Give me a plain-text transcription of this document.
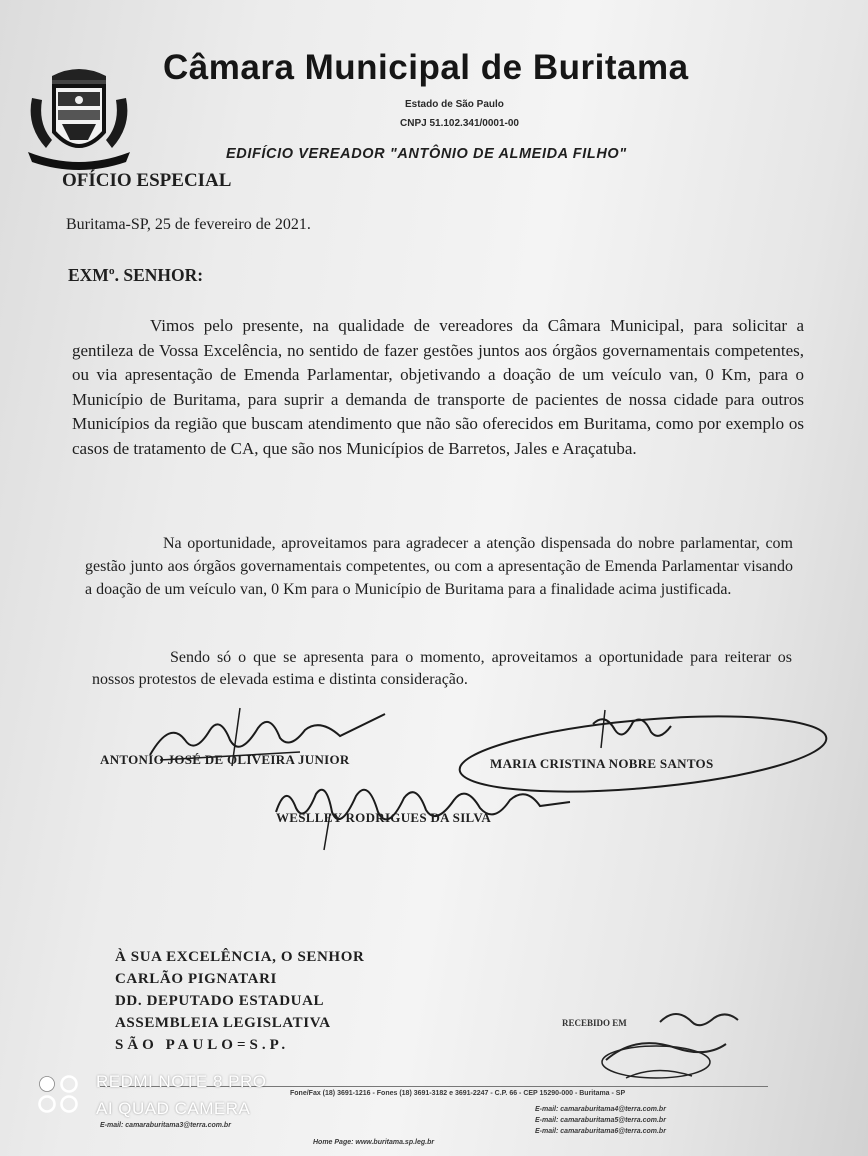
Câmara Municipal de Buritama
Estado de São Paulo
CNPJ 51.102.341/0001-00
EDIFÍCIO VEREADOR "ANTÔNIO DE ALMEIDA FILHO"
OFÍCIO ESPECIAL
Buritama-SP, 25 de fevereiro de 2021.
EXMº. SENHOR:

Vimos pelo presente, na qualidade de vereadores da Câmara Municipal, para solicitar a gentileza de Vossa Excelência, no sentido de fazer gestões juntos aos órgãos governamentais competentes, ou via apresentação de Emenda Parlamentar, objetivando a doação de um veículo van, 0 Km, para o Município de Buritama, para suprir a demanda de transporte de pacientes de nossa cidade para outros Municípios da região que buscam atendimento que não são oferecidos em Buritama, como por exemplo os casos de tratamento de CA, que são nos Municípios de Barretos, Jales e Araçatuba.

Na oportunidade, aproveitamos para agradecer a atenção dispensada do nobre parlamentar, com gestão junto aos órgãos governamentais competentes, ou com a apresentação de Emenda Parlamentar visando a doação de um veículo van, 0 Km para o Município de Buritama para a finalidade acima justificada.

Sendo só o que se apresenta para o momento, aproveitamos a oportunidade para reiterar os nossos protestos de elevada estima e distinta consideração.

ANTONIO JOSÉ DE OLIVEIRA JUNIOR	MARIA CRISTINA NOBRE SANTOS
WESLLEY RODRIGUES DA SILVA
À SUA EXCELÊNCIA, O SENHOR
CARLÃO PIGNATARI
DD. DEPUTADO ESTADUAL
ASSEMBLEIA LEGISLATIVA
SÃO PAULO=S.P.
RECEBIDO EM
Fone/Fax (18) 3691-1216 - Fones (18) 3691-3182 e 3691-2247 - C.P. 66 - CEP 15290-000 - Buritama - SP
E-mail: camaraburitama4@terra.com.br
E-mail: camaraburitama5@terra.com.br
E-mail: camaraburitama6@terra.com.br
E-mail: camaraburitama3@terra.com.br
Home Page: www.buritama.sp.leg.br
REDMI NOTE 8 PRO
AI QUAD CAMERA
